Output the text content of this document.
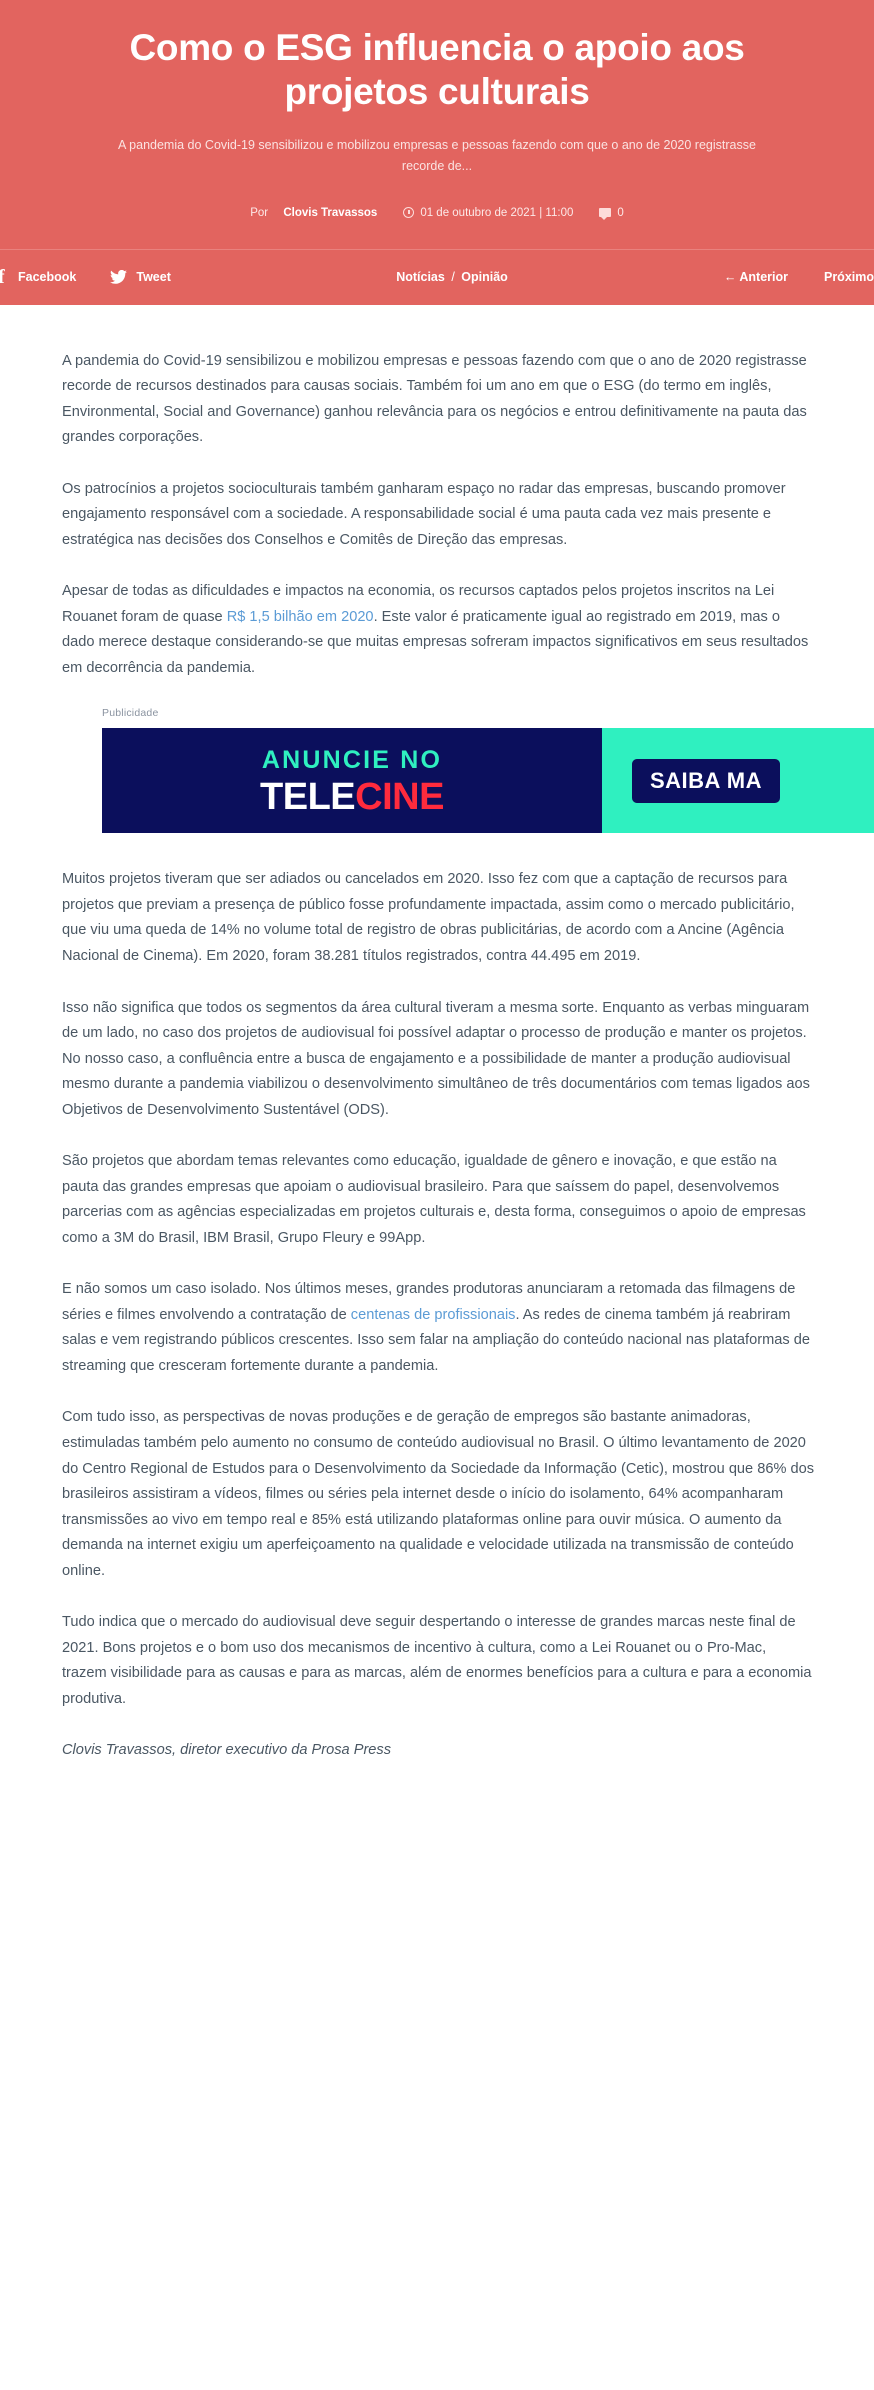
Como o ESG influencia o apoio aos projetos culturais

A pandemia do Covid-19 sensibilizou e mobilizou empresas e pessoas fazendo com que o ano de 2020 registrasse recorde de...

Por
Clovis Travassos	01 de outubro de 2021 | 11:00	0
f
Facebook	Tweet	Notícias / Opinião	← Anterior	Próximo

A pandemia do Covid-19 sensibilizou e mobilizou empresas e pessoas fazendo com que o ano de 2020 registrasse recorde de recursos destinados para causas sociais. Também foi um ano em que o ESG (do termo em inglês, Environmental, Social and Governance) ganhou relevância para os negócios e entrou definitivamente na pauta das grandes corporações.

Os patrocínios a projetos socioculturais também ganharam espaço no radar das empresas, buscando promover engajamento responsável com a sociedade. A responsabilidade social é uma pauta cada vez mais presente e estratégica nas decisões dos Conselhos e Comitês de Direção das empresas.

Apesar de todas as dificuldades e impactos na economia, os recursos captados pelos projetos inscritos na Lei Rouanet foram de quase R$ 1,5 bilhão em 2020. Este valor é praticamente igual ao registrado em 2019, mas o dado merece destaque considerando-se que muitas empresas sofreram impactos significativos em seus resultados em decorrência da pandemia.

Publicidade
ANUNCIE NO
TELECINE	SAIBA MA

Muitos projetos tiveram que ser adiados ou cancelados em 2020. Isso fez com que a captação de recursos para projetos que previam a presença de público fosse profundamente impactada, assim como o mercado publicitário, que viu uma queda de 14% no volume total de registro de obras publicitárias, de acordo com a Ancine (Agência Nacional de Cinema). Em 2020, foram 38.281 títulos registrados, contra 44.495 em 2019.

Isso não significa que todos os segmentos da área cultural tiveram a mesma sorte. Enquanto as verbas minguaram de um lado, no caso dos projetos de audiovisual foi possível adaptar o processo de produção e manter os projetos. No nosso caso, a confluência entre a busca de engajamento e a possibilidade de manter a produção audiovisual mesmo durante a pandemia viabilizou o desenvolvimento simultâneo de três documentários com temas ligados aos Objetivos de Desenvolvimento Sustentável (ODS).

São projetos que abordam temas relevantes como educação, igualdade de gênero e inovação, e que estão na pauta das grandes empresas que apoiam o audiovisual brasileiro. Para que saíssem do papel, desenvolvemos parcerias com as agências especializadas em projetos culturais e, desta forma, conseguimos o apoio de empresas como a 3M do Brasil, IBM Brasil, Grupo Fleury e 99App.

E não somos um caso isolado. Nos últimos meses, grandes produtoras anunciaram a retomada das filmagens de séries e filmes envolvendo a contratação de centenas de profissionais. As redes de cinema também já reabriram salas e vem registrando públicos crescentes. Isso sem falar na ampliação do conteúdo nacional nas plataformas de streaming que cresceram fortemente durante a pandemia.

Com tudo isso, as perspectivas de novas produções e de geração de empregos são bastante animadoras, estimuladas também pelo aumento no consumo de conteúdo audiovisual no Brasil. O último levantamento de 2020 do Centro Regional de Estudos para o Desenvolvimento da Sociedade da Informação (Cetic), mostrou que 86% dos brasileiros assistiram a vídeos, filmes ou séries pela internet desde o início do isolamento, 64% acompanharam transmissões ao vivo em tempo real e 85% está utilizando plataformas online para ouvir música. O aumento da demanda na internet exigiu um aperfeiçoamento na qualidade e velocidade utilizada na transmissão de conteúdo online.

Tudo indica que o mercado do audiovisual deve seguir despertando o interesse de grandes marcas neste final de 2021. Bons projetos e o bom uso dos mecanismos de incentivo à cultura, como a Lei Rouanet ou o Pro-Mac, trazem visibilidade para as causas e para as marcas, além de enormes benefícios para a cultura e para a economia produtiva.

Clovis Travassos, diretor executivo da Prosa Press
